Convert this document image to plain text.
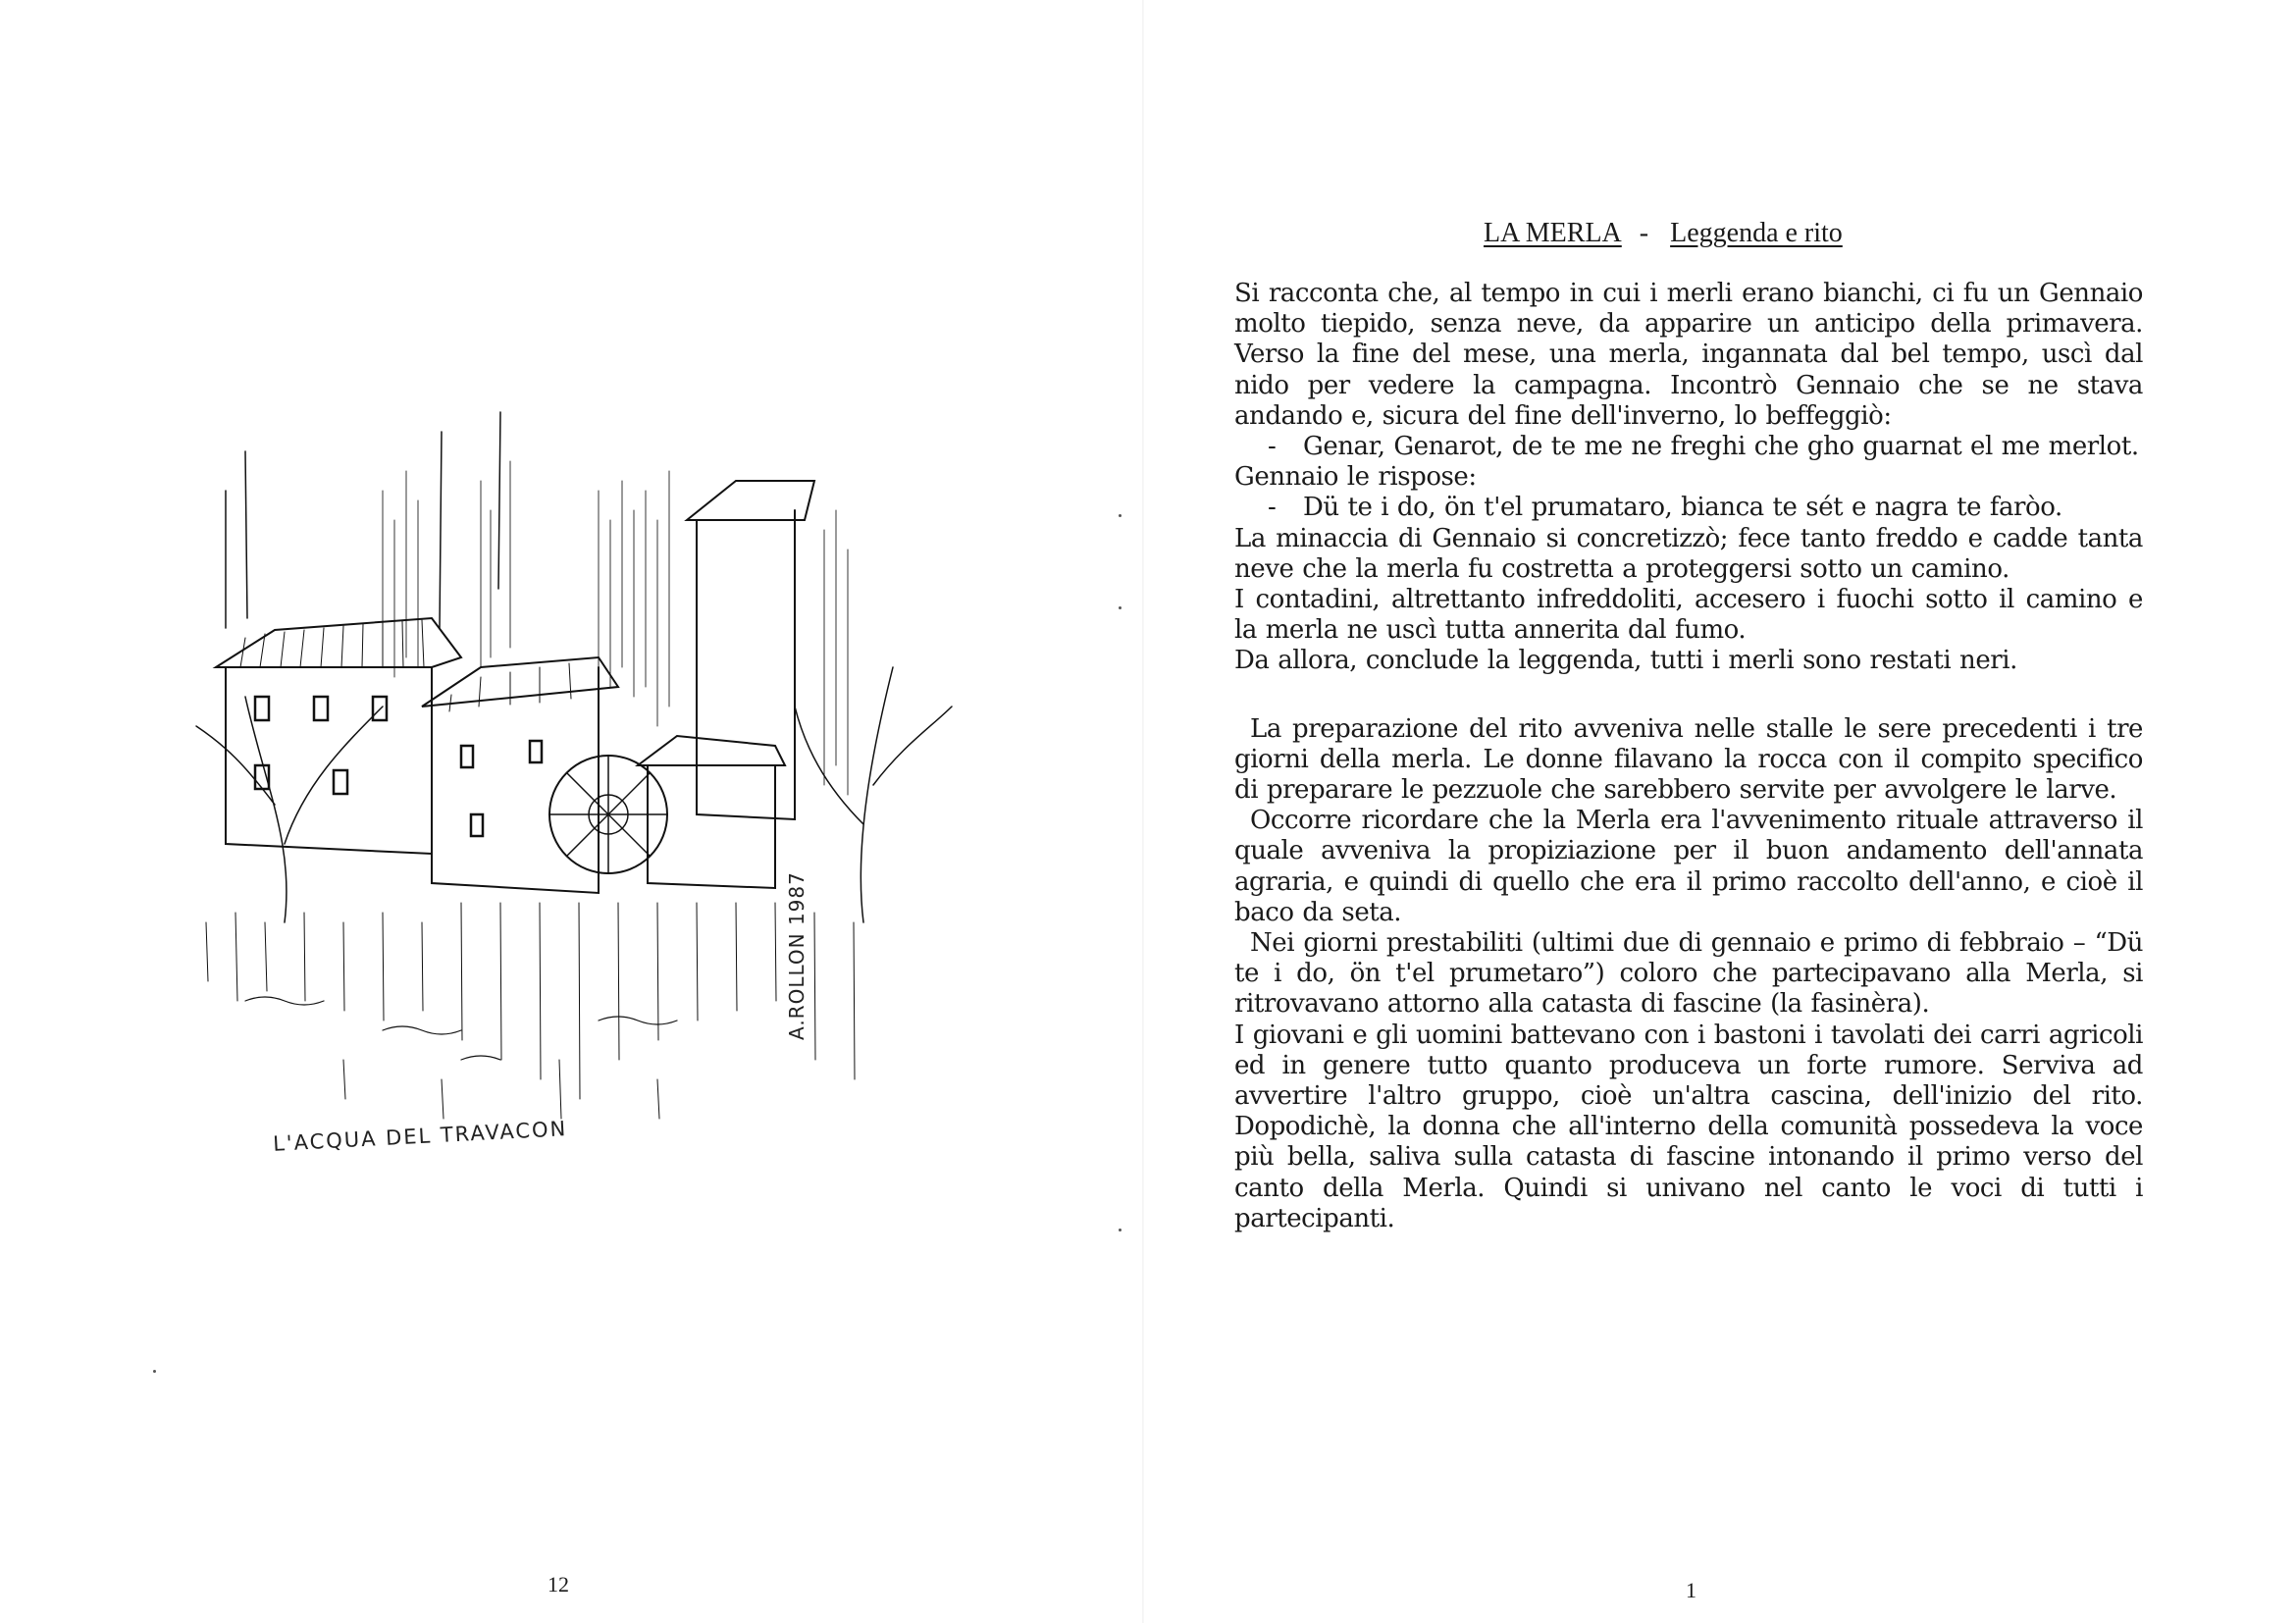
L'ACQUA DEL TRAVACON
A.ROLLON 1987
12
LA MERLA - Leggenda e rito

Si racconta che, al tempo in cui i merli erano bianchi, ci fu un Gennaio molto tiepido, senza neve, da apparire un anticipo della primavera. Verso la fine del mese, una merla, ingannata dal bel tempo, uscì dal nido per vedere la campagna. Incontrò Gennaio che se ne stava andando e, sicura del fine dell'inverno, lo beffeggiò:

-	Genar, Genarot, de te me ne freghi che gho guarnat el me merlot.

Gennaio le rispose:

-	Dü te i do, ön t'el prumataro, bianca te sét e nagra te faròo.

La minaccia di Gennaio si concretizzò; fece tanto freddo e cadde tanta neve che la merla fu costretta a proteggersi sotto un camino.

I contadini, altrettanto infreddoliti, accesero i fuochi sotto il camino e la merla ne uscì tutta annerita dal fumo.

Da allora, conclude la leggenda, tutti i merli sono restati neri.

La preparazione del rito avveniva nelle stalle le sere precedenti i tre giorni della merla. Le donne filavano la rocca con il compito specifico di preparare le pezzuole che sarebbero servite per avvolgere le larve.

Occorre ricordare che la Merla era l'avvenimento rituale attraverso il quale avveniva la propiziazione per il buon andamento dell'annata agraria, e quindi di quello che era il primo raccolto dell'anno, e cioè il baco da seta.

Nei giorni prestabiliti (ultimi due di gennaio e primo di febbraio – “Dü te i do, ön t'el prumetaro”) coloro che partecipavano alla Merla, si ritrovavano attorno alla catasta di fascine (la fasinèra).

I giovani e gli uomini battevano con i bastoni i tavolati dei carri agricoli ed in genere tutto quanto produceva un forte rumore. Serviva ad avvertire l'altro gruppo, cioè un'altra cascina, dell'inizio del rito. Dopodichè, la donna che all'interno della comunità possedeva la voce più bella, saliva sulla catasta di fascine intonando il primo verso del canto della Merla. Quindi si univano nel canto le voci di tutti i partecipanti.

1
